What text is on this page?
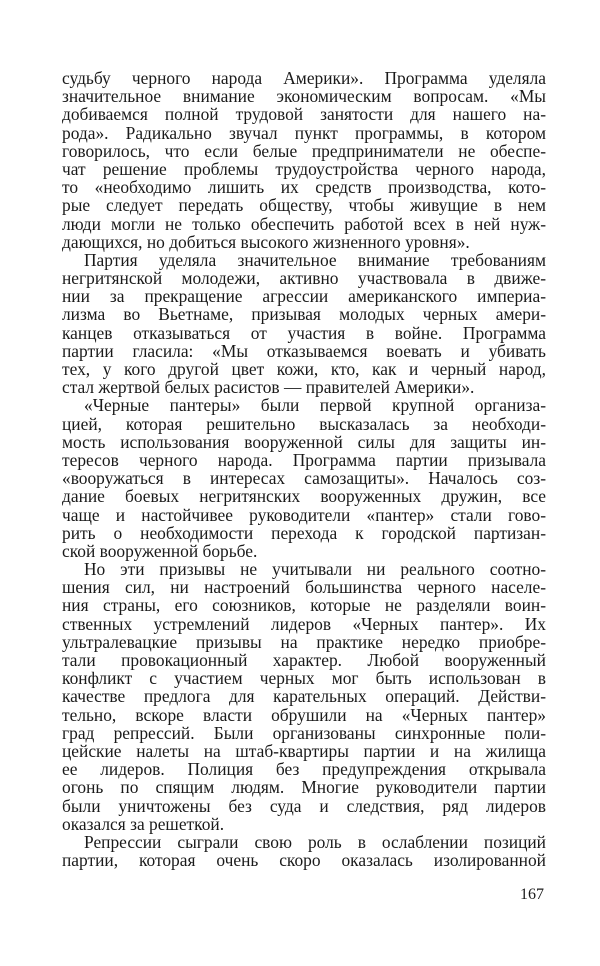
судьбу черного народа Америки». Программа уделяла
значительное внимание экономическим вопросам. «Мы
добиваемся полной трудовой занятости для нашего на-
рода». Радикально звучал пункт программы, в котором
говорилось, что если белые предприниматели не обеспе-
чат решение проблемы трудоустройства черного народа,
то «необходимо лишить их средств производства, кото-
рые следует передать обществу, чтобы живущие в нем
люди могли не только обеспечить работой всех в ней нуж-
дающихся, но добиться высокого жизненного уровня».
Партия уделяла значительное внимание требованиям
негритянской молодежи, активно участвовала в движе-
нии за прекращение агрессии американского империа-
лизма во Вьетнаме, призывая молодых черных амери-
канцев отказываться от участия в войне. Программа
партии гласила: «Мы отказываемся воевать и убивать
тех, у кого другой цвет кожи, кто, как и черный народ,
стал жертвой белых расистов — правителей Америки».
«Черные пантеры» были первой крупной организа-
цией, которая решительно высказалась за необходи-
мость использования вооруженной силы для защиты ин-
тересов черного народа. Программа партии призывала
«вооружаться в интересах самозащиты». Началось соз-
дание боевых негритянских вооруженных дружин, все
чаще и настойчивее руководители «пантер» стали гово-
рить о необходимости перехода к городской партизан-
ской вооруженной борьбе.
Но эти призывы не учитывали ни реального соотно-
шения сил, ни настроений большинства черного населе-
ния страны, его союзников, которые не разделяли воин-
ственных устремлений лидеров «Черных пантер». Их
ультралевацкие призывы на практике нередко приобре-
тали провокационный характер. Любой вооруженный
конфликт с участием черных мог быть использован в
качестве предлога для карательных операций. Действи-
тельно, вскоре власти обрушили на «Черных пантер»
град репрессий. Были организованы синхронные поли-
цейские налеты на штаб-квартиры партии и на жилища
ее лидеров. Полиция без предупреждения открывала
огонь по спящим людям. Многие руководители партии
были уничтожены без суда и следствия, ряд лидеров
оказался за решеткой.
Репрессии сыграли свою роль в ослаблении позиций
партии, которая очень скоро оказалась изолированной
167
